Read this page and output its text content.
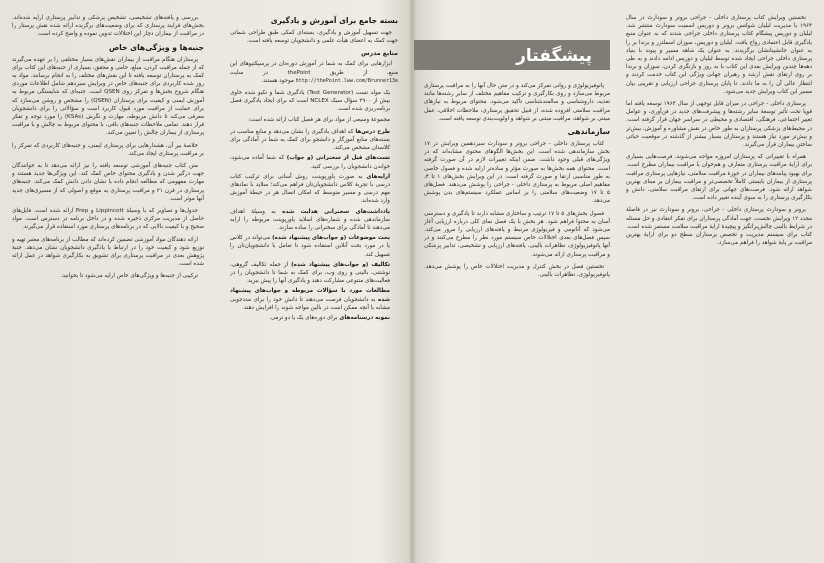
بسته جامع برای آموزش و یادگیری

جهت تسهیل آموزش و یادگیری، بسته‌ای کمکی طبق طراحی شماتی جهت کمک به اعضای هیأت علمی و دانشجویان توسعه یافته است.

منابع مدرس

ابزارهایی برای کمک به شما در آموزش دوره‌تان در پرسپکتیوهای این منبع، از طریق thePoint در سایت http://thePoint.lww.com/Brunner13e موجود هستند.

• یک مولد تست (Test Generator) یادگیری شما و تکیو شده حاوی بیش از ۲۹۰۰ سؤال سبک NCLEX است که برای ایجاد یادگیری فصل برنامه‌ریزی شده است.
• مجموعهٔ وسیعی از مواد برای هر فصل کتاب ارائه شده است:
• طرح درس‌ها که اهداف یادگیری را نشان می‌دهد و منابع مناسب در بسته‌های منابع آموزگار و دانشجو برای کمک به شما در آمادگی برای کلاستان مشخص می‌کند.
• تست‌های قبل از سخنرانی (و جواب) که شما آماده می‌شود، خواندن دانشجویان را بررسی کنید.
• ارایه‌های به صورت پاورپوینت، روش آسانی برای ترکیب کتاب درسی با تجربهٔ کلاس دانشجویان‌تان فراهم می‌کند؛ سلاید با نمادهای مهم درسی و مسیر متوسط که امکان اتصال هر در حیطهٔ آموزش وارد شده‌اند.
• یادداشت‌های سخنرانی هدایت شده به وسیلهٔ اهداف سازماندهی شده و شماره‌های اسلاید پاورپوینت مربوطه را ارایه می‌دهند تا آمادگی برای سخنرانی را ساده سازند.
• بحث موضوعات (و جواب‌های پیشنهاد شده) می‌تواند در کلاس یا در مورد بحث آنلاین استفاده شود تا تعامل با دانشجویان‌تان را تسهیل کند.
• تکالیف (و جواب‌های پیشنهاد شده) از جمله تکالیف گروهی، نوشتنی، بالینی و روی وب، برای کمک به شما تا دانشجویان را در فعالیت‌های متنوعی مشارکت دهند و یادگیری آنها را پیش ببرید.
• مطالعات مورد با سؤالات مربوطه و جواب‌های پیشنهاد شده به دانشجویان فرصت می‌دهند تا دانش خود را برای مددجویی مشابه با آنچه ممکن است در بالین مواجه شوند را افزایش دهند.
• نمونه درسنامه‌های برای دوره‌های یک یا دو ترمی.

بررسی و یافته‌های تشخیصی، تشخیص پزشکی و تدابیر پرستاری ارایه شده‌اند. بخش‌های فرایند پرستاری که برای وضعیت‌های برگزیده ارائه شده نقش پرستار را در مراقبت از بیماران دچار این اختلالات تدوین نموده و واضح کرده است.

جنبه‌ها و ویژگی‌های خاص

پرستاران هنگام مراقبت از بیماران نقش‌های بسیار مختلفی را بر عهده می‌گیرند که از جمله مراقبت کردن، مبلغ، حامی و محقق، بسیاری از جنبه‌های این کتاب برای کمک به پرستاران توسعه یافته تا این نقش‌های مختلف را به انجام برسانند. مواد به روز شده کاربردی برای جنبه‌های خاص در ویرایش سیزدهم شامل اطلاعات موردی هنگام شروع بخش‌ها و تمرکز روی QSEN است. جنبه‌ای که شایستگی مربوط به آموزش ایمنی و کیفیت برای پرستاران (QSEN) را مشخص و روشن می‌سازد که برای حمایت از مراقبت مورد قبول کاربرد است و سؤالاتی را برای دانشجویان معرفی می‌کند تا دانش مربوطه، مهارت و نگرش (KSAs) را مورد توجه و تفکر قرار دهند. تمامی ملاحظات جنبه‌های باقی، با محتوای مربوط به چالش و با مراقبت پرستاری از بیماران چالش را تعیین می‌کند.

خلاصهٔ بیر آن، هشدارهایی برای پرستاری ایمنی، و جنبه‌های کاربردی که تمرکز را بر مراقبت پرستاری ایجاد می‌کند.

متن کتاب جنبه‌های آموزشی توسعه یافته را نیز ارائه می‌دهد تا به خوانندگان جهت درگیر شدن و یادگیری محتوای خاص کمک کند. این ویژگی‌ها جدید هستند و مهارت مفهومی که مطالعه انجام داده با نشان دادن دانش کمک می‌کند. جنبه‌های پرستاری در قرن ۲۱ و مراقبت پرستاری به موقع و اصولی که از مسیری‌های جدید آنها موثر است.

جدول‌ها و تصاویر که با وسیلهٔ Lippincott و Prep ارائه شده است. فایل‌های حاصل از مدیریت مرکزی ذخیره شده و در داخل برنامه در دسترس است. مواد صحیح و با کیفیت بالایی که در برنامه‌های پرستاری مورد استفاده قرار می‌گیرند.

ارائه دهندگان مواد آموزشی تضمین کرده‌اند که مطالب از برنامه‌های معتبر تهیه و توزیع شود و کیفیت خود را در ارتباط با یادگیری دانشجویان نشان می‌دهد. جنبهٔ پژوهش بعدی در مراقبت پرستاری برای تشویق به بکارگیری شواهد در عمل ارائه شده است.

ترکیبی از جنبه‌ها و ویژگی‌های خاص ارایه می‌شود تا بخوانید.

پیشگفتار

نخستین ویرایش کتاب پرستاری داخلی - جراحی برونر و سودارث در سال ۱۹۶۴ با مدیریت لیلیان شولتس برونر و دوریس اسمیت سودارث منتشر شد. لیلیان و دوریس پیشگام کتاب پرستاری داخلی جراحی شدند که به عنوان منبع یادگیری قابل اعتمادی رواج یافت. لیلیان و دوریس، سوزان اسملتزر و برندا بر را به عنوان جانشینانشان برگزیدند. به عنوان یک شاهد مسیر و پیوند با بنیاد پرستاری داخلی جراحی ایجاد شده توسط لیلیان و دوریس ادامه دادند و به طی دهه‌ها چندین ویرایش بعدی این کتاب با به روز و بازنگری کردن، سوزان و برندا بر روی ارتقای نقش ارشد و رهبران جهانی ویژگی این کتاب خدمت کردند و انتظار عالی آن را به ما دادند. تا پایان پرستاری جراحی ارزیابی و تقریبی بیان مسیر این کتاب ویرایش جدید می‌شود.

پرستاری داخلی - جراحی در میزان قابل توجهی از سال ۱۹۶۴ توسعه یافته اما قویا تحت تأثیر توسعهٔ سایر رشته‌ها و پیشرفت‌های جدید در فن‌آوری، و عوامل تغییر اجتماعی، فرهنگی، اقتصادی و محیطی در سراسر جهان قرار گرفته است. در محیط‌های پزشکی پرستاران به طور خاص در نقش مشاوره و آموزش، بیش‌تر و بیش‌تر مورد نیاز هستند و پرستاران بسیار بیشتر از گذشته در موقعیت حیاتی ساختن بیماران قرار می‌گیرند.

همراه با تغییراتی که پرستاران امروزه مواجه می‌شوند، فرصت‌هایی بسیاری برای ارایهٔ مراقبت پرستاری متعارف و هم‌خوان با مراقبت بیماران مطرح است. برای بهبود پیامدهای بیماران در حوزهٔ مراقبت سلامتی، نیازهایی پرستاری مراقبت پرستاری از بیماران بایستی کاملاً تخصصی‌تر و مراقبت بیماران بر مبنای بهترین شواهد ارائه شود. فرصت‌های جهانی برای ارتقای مراقبت سلامتی، دانش و بکارگیری پرستاری را به سوی آینده تغییر داده است.

برونر و سودارث پرستاری داخلی - جراحی، برونر و سودارث نیز در فاصلهٔ مجدد ۱۲ ویرایش نخست، جهت آمادگی پرستاران برای تفکر انتقادی و حل مسئله در شرایط بالینی چالش‌برانگیز و پیچیدهٔ ارایهٔ مراقبت سلامت مستمر شده است. کتاب برای سیستم مدیریت و تخصص پرستاران سطح دو برای ارایهٔ بهترین مراقبت بر پایهٔ شواهد را فراهم می‌سازد.

پاتوفیزیولوژی و روانی تمرکز می‌کند و در متن حال آنها را به مراقبت پرستاری مربوط می‌سازد و روی بکارگیری و ترکیب مفاهیم مختلف از سایر رشته‌ها مانند تغذیه، داروشناسی و سالمندشناسی تأکید می‌شود. محتوای مربوط به نیازهای مراقبت سلامتی افزوده شده، از قبیل تحقیق پرستاری، ملاحظات اخلاقی، عمل مبتنی بر شواهد، مراقبت مبتنی بر شواهد و اولویت‌بندی توسعه یافته است.

سازماندهی

کتاب پرستاری داخلی - جراحی برونر و سودارث سیزدهمین ویرایش در ۱۷ بخش سازماندهی شده است. این بخش‌ها الگوهای محتوی مشابه‌اند که در ویژگی‌های قبلی وجود داشت. ضمن اینکه تغییرات لازم در آن صورت گرفته است. محتوای همه بخش‌ها به صورت مؤثر و ساده‌تر ارایه شده و فصول خاصی به طور مناسبی ارتقا و صورت گرفته است. در این ویرایش بخش‌های ۱ تا ۴، مفاهیم اصلی مربوط به پرستاری داخلی - جراحی را پوشش می‌دهند. فصل‌های ۵ تا ۱۷ وضعیت‌های سلامتی را بر اساس عملکرد سیستم‌های بدن پوشش می‌دهد.

فصول بخش‌های ۵ تا ۱۷ ترتیب و ساختاری مشابه دارند تا یادگیری و دسترسی آسان به محتوا فراهم شود. هر بخش با یک فصل نمای کلی درباره ارزیابی آغاز می‌شود که آناتومی و فیزیولوژی مرتبط و یافته‌های ارزیابی را مرور می‌کند. سپس فصل‌های بعدی اختلالات خاص سیستم مورد نظر را مطرح می‌کنند و در آنها پاتوفیزیولوژی، تظاهرات بالینی، یافته‌های ارزیابی و تشخیصی، تدابیر پزشکی و مراقبت پرستاری ارائه می‌شوند.

تخستین فصل در بخش کنترل و مدیریت اختلالات خاص را پوشش می‌دهد. پاتوفیزیولوژی، تظاهرات بالینی.
